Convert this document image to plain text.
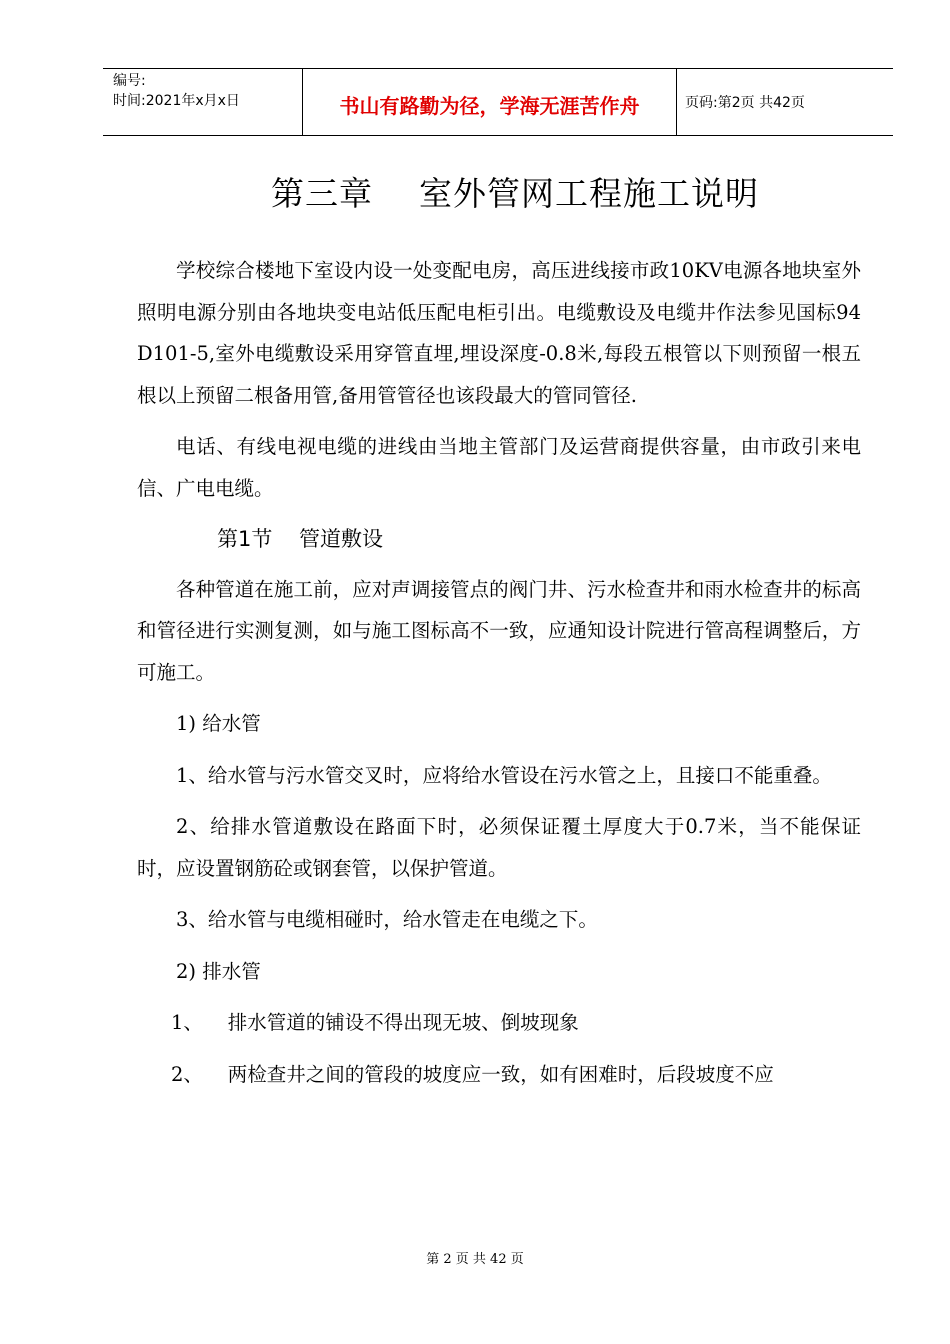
编号:
时间:2021年x月x日	书山有路勤为径，学海无涯苦作舟	页码:第2页 共42页
第三章    室外管网工程施工说明

学校综合楼地下室设内设一处变配电房，高压进线接市政10KV电源各地块室外照明电源分别由各地块变电站低压配电柜引出。电缆敷设及电缆井作法参见国标94 D101-5,室外电缆敷设采用穿管直埋,埋设深度-0.8米,每段五根管以下则预留一根五根以上预留二根备用管,备用管管径也该段最大的管同管径.

电话、有线电视电缆的进线由当地主管部门及运营商提供容量，由市政引来电信、广电电缆。

第1节    管道敷设

各种管道在施工前，应对声调接管点的阀门井、污水检查井和雨水检查井的标高和管径进行实测复测，如与施工图标高不一致，应通知设计院进行管高程调整后，方可施工。

1) 给水管

1、给水管与污水管交叉时，应将给水管设在污水管之上，且接口不能重叠。

2、给排水管道敷设在路面下时，必须保证覆土厚度大于0.7米，当不能保证时，应设置钢筋砼或钢套管，以保护管道。

3、给水管与电缆相碰时，给水管走在电缆之下。

2) 排水管
1、    排水管道的铺设不得出现无坡、倒坡现象
2、    两检查井之间的管段的坡度应一致，如有困难时，后段坡度不应
第 2 页 共 42 页
